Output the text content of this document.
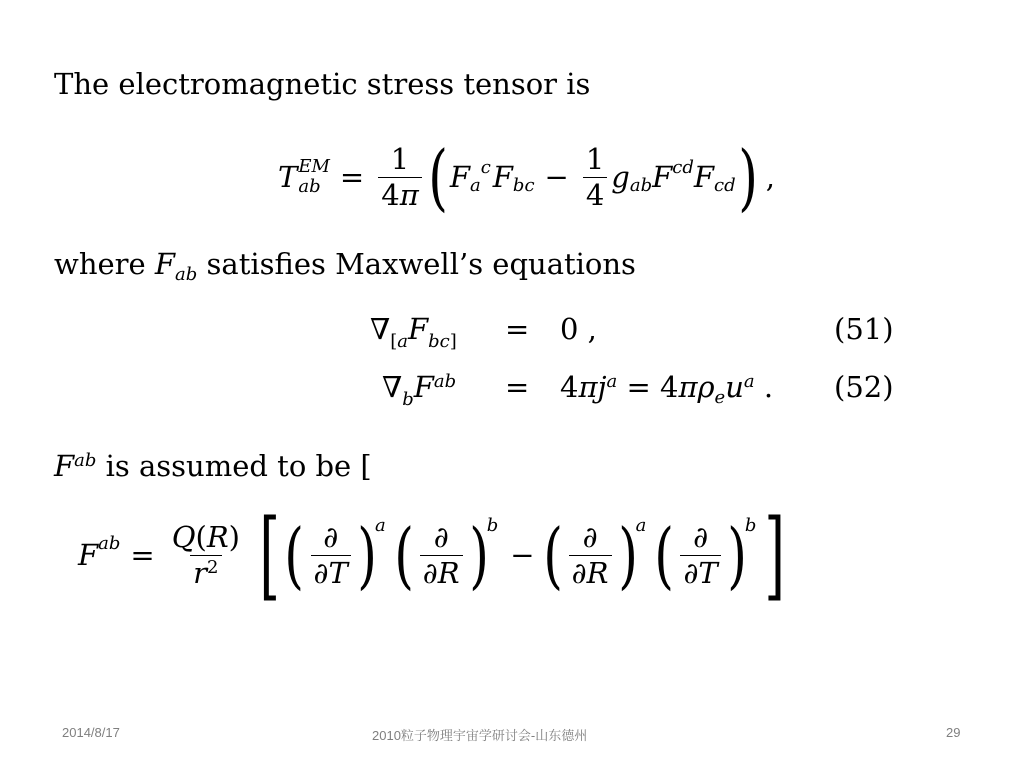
The electromagnetic stress tensor is
T EM
ab = $\frac{1}{4\pi}$ ( F a
c F bc − $\frac{1}{4}$ g ab F cd F cd ) ,
where $F_{ab}$ satisfies Maxwell’s equations
$\nabla_{[a}F_{bc]} = 0$ ,	(51)
$\nabla_bF^{ab} = 4\pi j^a = 4\pi\rho_eu^a$ . (52)
$F^{ab}$ is assumed to be [
F ab = $\frac{Q(R)}{r^2}$ [ ( $\frac{\partial}{\partial T}$ )
a ( $\frac{\partial}{\partial R}$ )
b
− ( $\frac{\partial}{\partial R}$ )
a ( $\frac{\partial}{\partial T}$ )
b ]
2014/8/17	2010粒子物理宇宙学研讨会-山东德州	29
